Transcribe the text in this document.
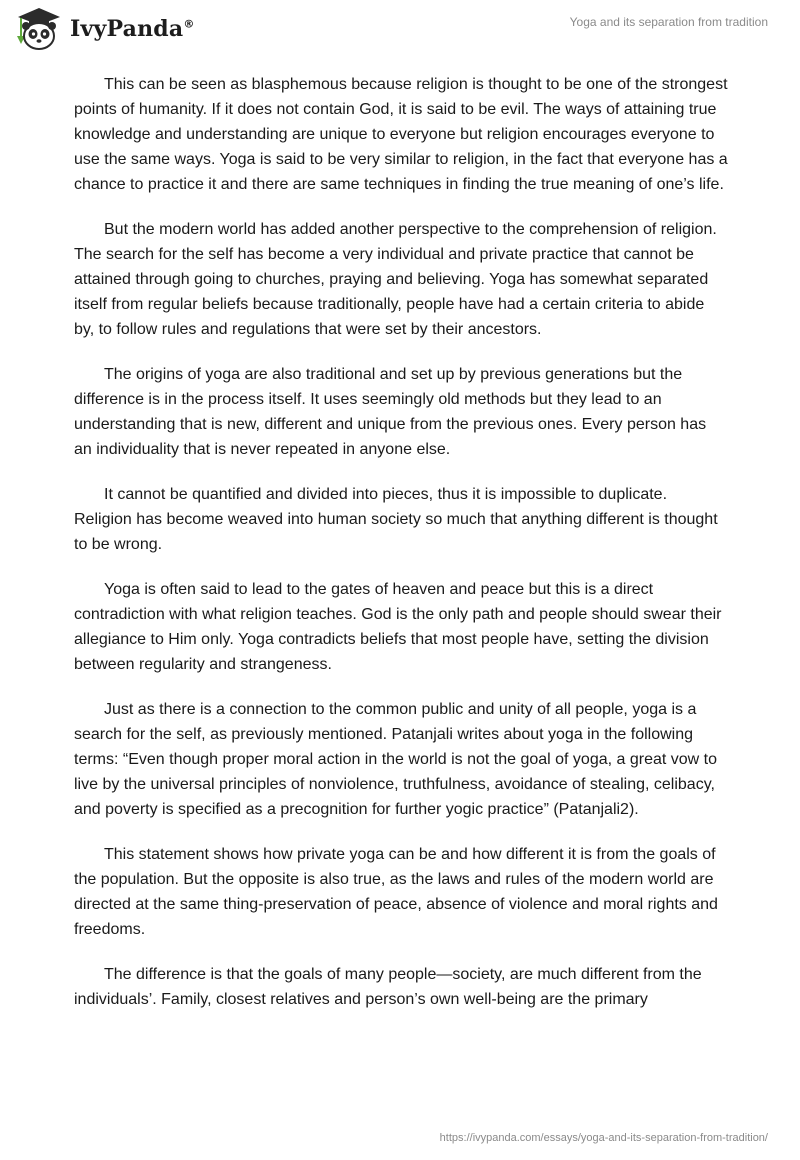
IvyPanda®	Yoga and its separation from tradition

This can be seen as blasphemous because religion is thought to be one of the strongest points of humanity. If it does not contain God, it is said to be evil. The ways of attaining true knowledge and understanding are unique to everyone but religion encourages everyone to use the same ways. Yoga is said to be very similar to religion, in the fact that everyone has a chance to practice it and there are same techniques in finding the true meaning of one’s life.

But the modern world has added another perspective to the comprehension of religion. The search for the self has become a very individual and private practice that cannot be attained through going to churches, praying and believing. Yoga has somewhat separated itself from regular beliefs because traditionally, people have had a certain criteria to abide by, to follow rules and regulations that were set by their ancestors.

The origins of yoga are also traditional and set up by previous generations but the difference is in the process itself. It uses seemingly old methods but they lead to an understanding that is new, different and unique from the previous ones. Every person has an individuality that is never repeated in anyone else.

It cannot be quantified and divided into pieces, thus it is impossible to duplicate. Religion has become weaved into human society so much that anything different is thought to be wrong.

Yoga is often said to lead to the gates of heaven and peace but this is a direct contradiction with what religion teaches. God is the only path and people should swear their allegiance to Him only. Yoga contradicts beliefs that most people have, setting the division between regularity and strangeness.

Just as there is a connection to the common public and unity of all people, yoga is a search for the self, as previously mentioned. Patanjali writes about yoga in the following terms: “Even though proper moral action in the world is not the goal of yoga, a great vow to live by the universal principles of nonviolence, truthfulness, avoidance of stealing, celibacy, and poverty is specified as a precognition for further yogic practice” (Patanjali2).

This statement shows how private yoga can be and how different it is from the goals of the population. But the opposite is also true, as the laws and rules of the modern world are directed at the same thing-preservation of peace, absence of violence and moral rights and freedoms.

The difference is that the goals of many people—society, are much different from the individuals’. Family, closest relatives and person’s own well-being are the primary

https://ivypanda.com/essays/yoga-and-its-separation-from-tradition/
